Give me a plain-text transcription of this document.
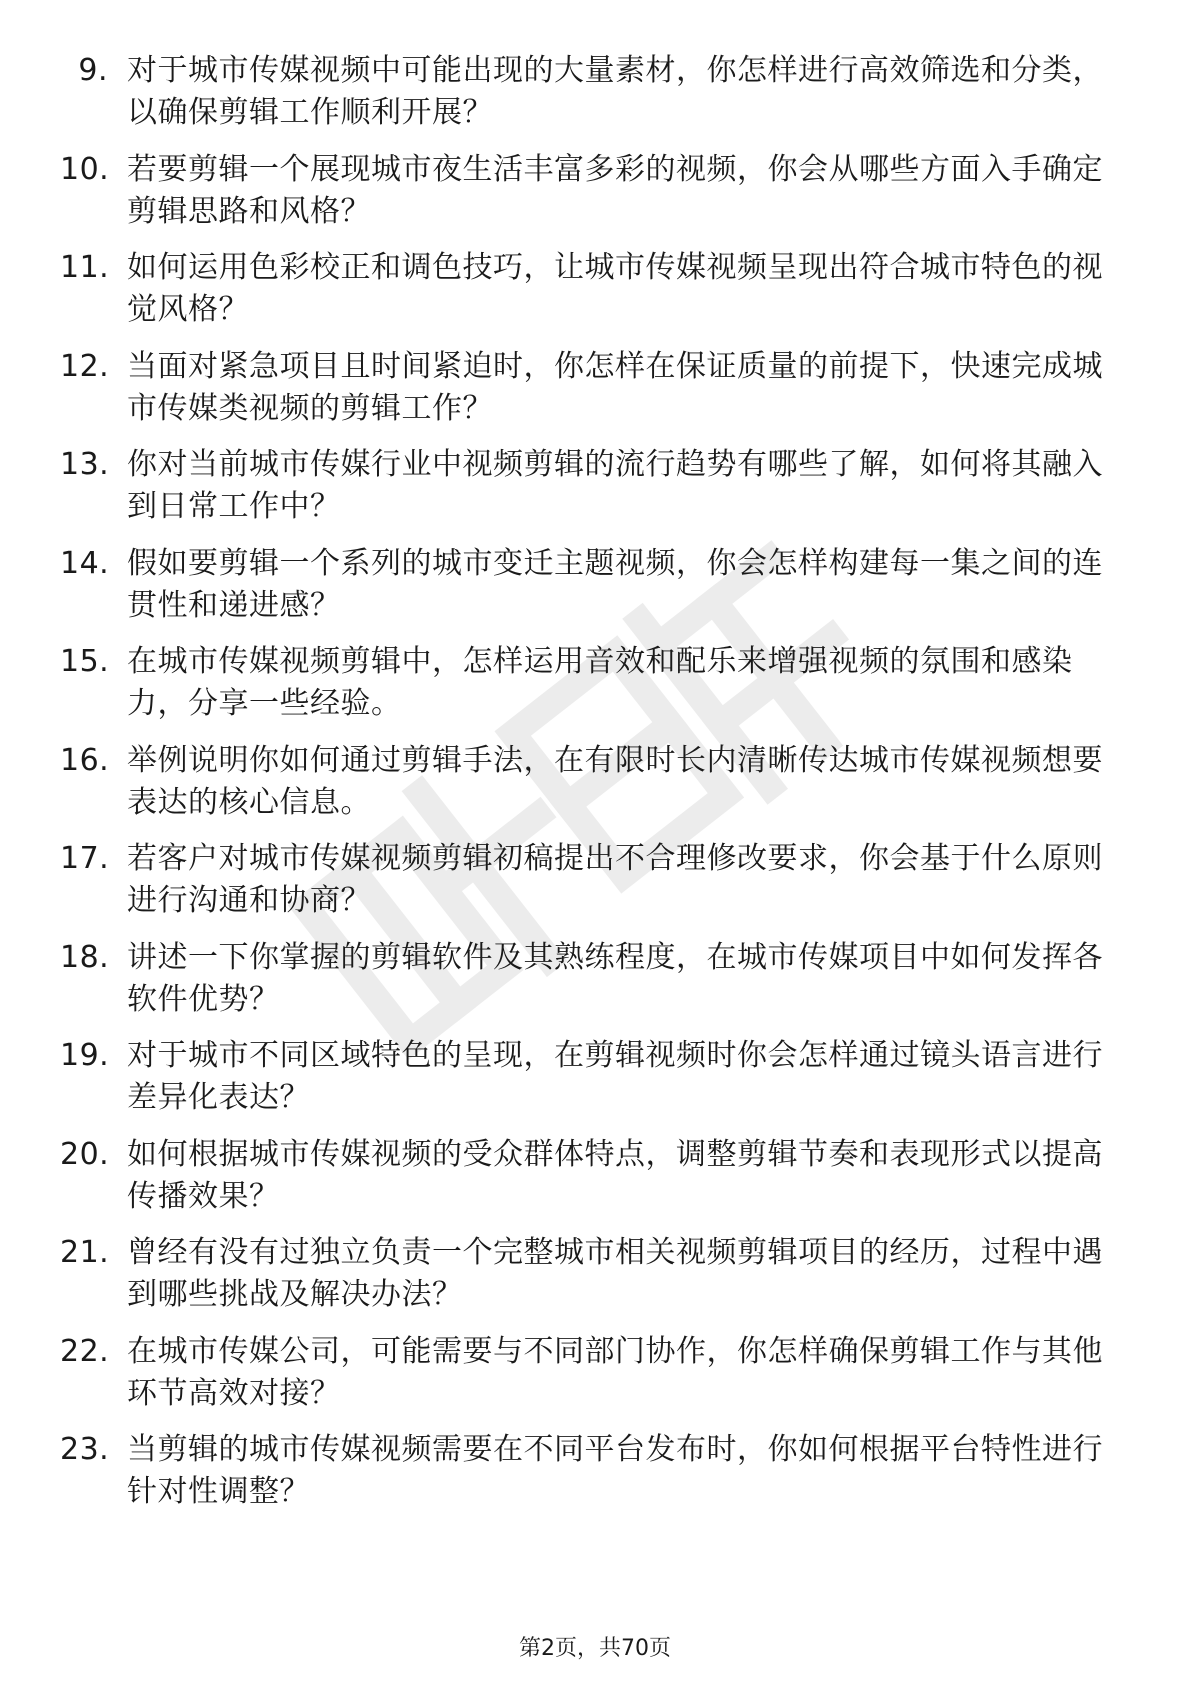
9. 对于城市传媒视频中可能出现的大量素材，你怎样进行高效筛选和分类，以确保剪辑工作顺利开展？
10. 若要剪辑一个展现城市夜生活丰富多彩的视频，你会从哪些方面入手确定剪辑思路和风格？
11. 如何运用色彩校正和调色技巧，让城市传媒视频呈现出符合城市特色的视觉风格？
12. 当面对紧急项目且时间紧迫时，你怎样在保证质量的前提下，快速完成城市传媒类视频的剪辑工作？
13. 你对当前城市传媒行业中视频剪辑的流行趋势有哪些了解，如何将其融入到日常工作中？
14. 假如要剪辑一个系列的城市变迁主题视频，你会怎样构建每一集之间的连贯性和递进感？
15. 在城市传媒视频剪辑中，怎样运用音效和配乐来增强视频的氛围和感染力，分享一些经验。
16. 举例说明你如何通过剪辑手法，在有限时长内清晰传达城市传媒视频想要表达的核心信息。
17. 若客户对城市传媒视频剪辑初稿提出不合理修改要求，你会基于什么原则进行沟通和协商？
18. 讲述一下你掌握的剪辑软件及其熟练程度，在城市传媒项目中如何发挥各软件优势？
19. 对于城市不同区域特色的呈现，在剪辑视频时你会怎样通过镜头语言进行差异化表达？
20. 如何根据城市传媒视频的受众群体特点，调整剪辑节奏和表现形式以提高传播效果？
21. 曾经有没有过独立负责一个完整城市相关视频剪辑项目的经历，过程中遇到哪些挑战及解决办法？
22. 在城市传媒公司，可能需要与不同部门协作，你怎样确保剪辑工作与其他环节高效对接？
23. 当剪辑的城市传媒视频需要在不同平台发布时，你如何根据平台特性进行针对性调整？
第2页，共70页
